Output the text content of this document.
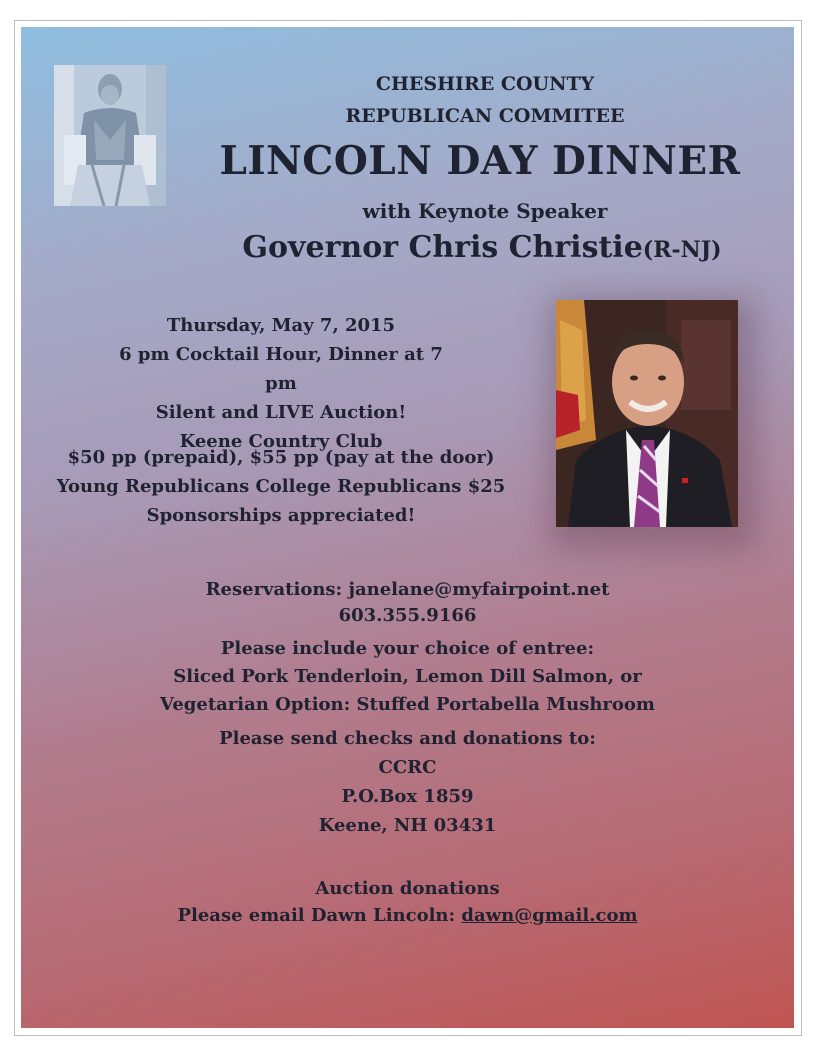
CHESHIRE COUNTY
REPUBLICAN COMMITEE
LINCOLN DAY DINNER
with Keynote Speaker
Governor Chris Christie(R-NJ)
Thursday, May 7, 2015
6 pm Cocktail Hour, Dinner at 7 pm
Silent and LIVE Auction!
Keene Country Club
$50 pp (prepaid), $55 pp (pay at the door)
Young Republicans College Republicans $25
Sponsorships appreciated!
Reservations: janelane@myfairpoint.net
603.355.9166
Please include your choice of entree:
Sliced Pork Tenderloin, Lemon Dill Salmon, or
Vegetarian Option: Stuffed Portabella Mushroom
Please send checks and donations to:
CCRC
P.O.Box 1859
Keene, NH 03431
Auction donations
Please email Dawn Lincoln: dawn@gmail.com
